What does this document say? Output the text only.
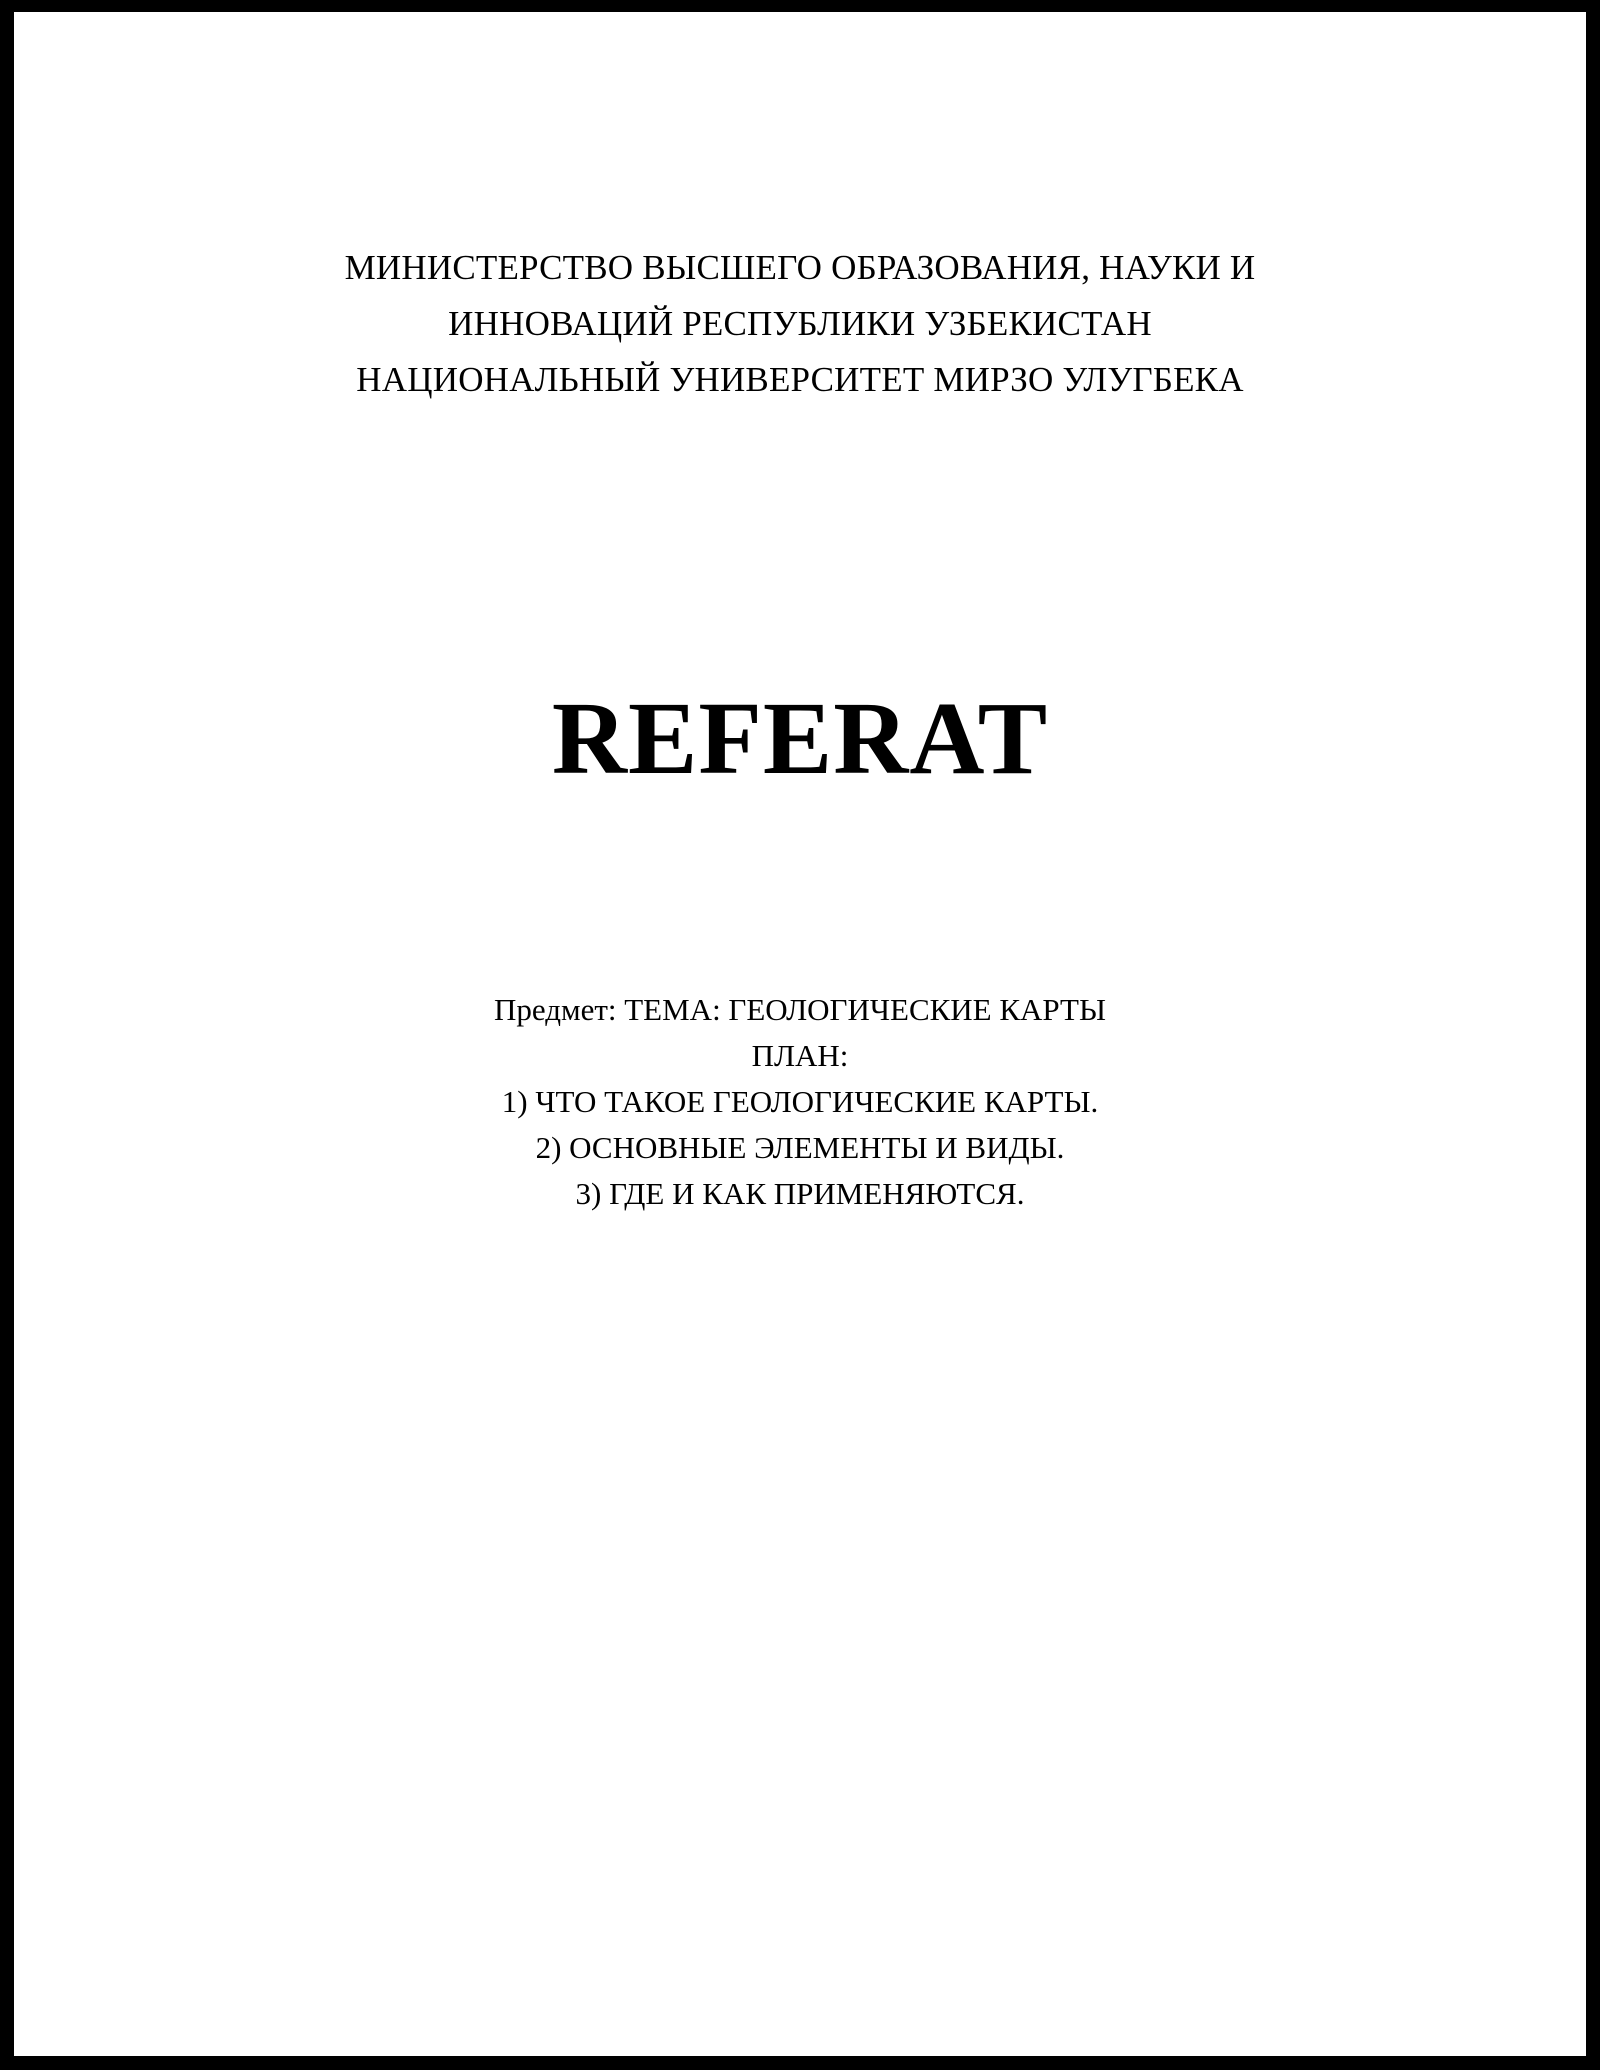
МИНИСТЕРСТВО ВЫСШЕГО ОБРАЗОВАНИЯ, НАУКИ И
ИННОВАЦИЙ РЕСПУБЛИКИ УЗБЕКИСТАН
НАЦИОНАЛЬНЫЙ УНИВЕРСИТЕТ МИРЗО УЛУГБЕКА
REFERAT
Предмет: ТЕМА: ГЕОЛОГИЧЕСКИЕ КАРТЫ
ПЛАН:
1) ЧТО ТАКОЕ ГЕОЛОГИЧЕСКИЕ КАРТЫ.
2) ОСНОВНЫЕ ЭЛЕМЕНТЫ И ВИДЫ.
3) ГДЕ И КАК ПРИМЕНЯЮТСЯ.
